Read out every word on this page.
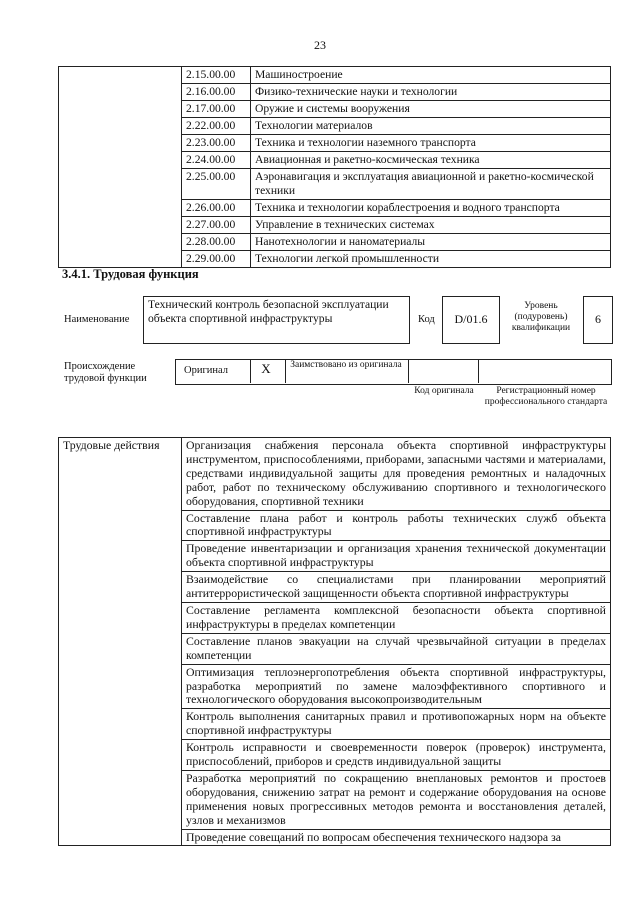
23
	2.15.00.00	Машиностроение
	2.16.00.00	Физико-технические науки и технологии
	2.17.00.00	Оружие и системы вооружения
	2.22.00.00	Технологии материалов
	2.23.00.00	Техника и технологии наземного транспорта
	2.24.00.00	Авиационная и ракетно-космическая техника
	2.25.00.00	Аэронавигация и эксплуатация авиационной и ракетно-космической техники
	2.26.00.00	Техника и технологии кораблестроения и водного транспорта
	2.27.00.00	Управление в технических системах
	2.28.00.00	Нанотехнологии и наноматериалы
	2.29.00.00	Технологии легкой промышленности
3.4.1. Трудовая функция
Наименование
Технический контроль безопасной эксплуатации объекта спортивной инфраструктуры	Код	D/01.6
Уровень (подуровень) квалификации
6
Происхождение трудовой функции
Оригинал	X	Заимствовано из оригинала
Код оригинала	Регистрационный номер профессионального стандарта
Трудовые действия	Организация снабжения персонала объекта спортивной инфраструктуры инструментом, приспособлениями, приборами, запасными частями и материалами, средствами индивидуальной защиты для проведения ремонтных и наладочных работ, работ по техническому обслуживанию спортивного и технологического оборудования, спортивной техники
Составление плана работ и контроль работы технических служб объекта спортивной инфраструктуры
Проведение инвентаризации и организация хранения технической документации объекта спортивной инфраструктуры
Взаимодействие со специалистами при планировании мероприятий антитеррористической защищенности объекта спортивной инфраструктуры
Составление регламента комплексной безопасности объекта спортивной инфраструктуры в пределах компетенции
Составление планов эвакуации на случай чрезвычайной ситуации в пределах компетенции
Оптимизация теплоэнергопотребления объекта спортивной инфраструктуры, разработка мероприятий по замене малоэффективного спортивного и технологического оборудования высокопроизводительным
Контроль выполнения санитарных правил и противопожарных норм на объекте спортивной инфраструктуры
Контроль исправности и своевременности поверок (проверок) инструмента, приспособлений, приборов и средств индивидуальной защиты
Разработка мероприятий по сокращению внеплановых ремонтов и простоев оборудования, снижению затрат на ремонт и содержание оборудования на основе применения новых прогрессивных методов ремонта и восстановления деталей, узлов и механизмов
Проведение совещаний по вопросам обеспечения технического надзора за
